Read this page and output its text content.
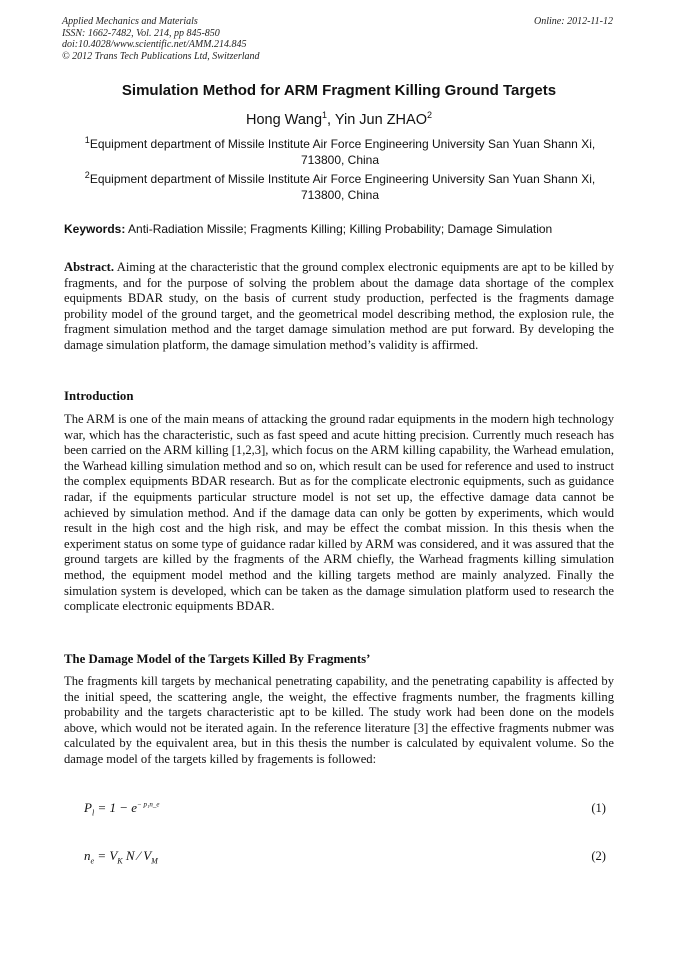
Applied Mechanics and Materials
ISSN: 1662-7482, Vol. 214, pp 845-850
doi:10.4028/www.scientific.net/AMM.214.845
© 2012 Trans Tech Publications Ltd, Switzerland
Online: 2012-11-12
Simulation Method for ARM Fragment Killing Ground Targets
Hong Wang$^1$, Yin Jun ZHAO$^2$
$^1$Equipment department of Missile Institute Air Force Engineering University San Yuan Shann Xi, 713800, China
$^2$Equipment department of Missile Institute Air Force Engineering University San Yuan Shann Xi, 713800, China
Keywords: Anti-Radiation Missile; Fragments Killing; Killing Probability; Damage Simulation
Abstract. Aiming at the characteristic that the ground complex electronic equipments are apt to be killed by fragments, and for the purpose of solving the problem about the damage data shortage of the complex equipments BDAR study, on the basis of current study production, perfected is the fragments damage probility model of the ground target, and the geometrical model describing method, the explosion rule, the fragment simulation method and the target damage simulation method are put forward. By developing the damage simulation platform, the damage simulation method’s validity is affirmed.
Introduction
The ARM is one of the main means of attacking the ground radar equipments in the modern high technology war, which has the characteristic, such as fast speed and acute hitting precision. Currently much reseach has been carried on the ARM killing [1,2,3], which focus on the ARM killing capability, the Warhead emulation, the Warhead killing simulation method and so on, which result can be used for reference and used to instruct the complex equipments BDAR research. But as for the complicate electronic equipments, such as guidance radar, if the equipments particular structure model is not set up, the effective damage data cannot be achieved by simulation method. And if the damage data can only be gotten by experiments, which would result in the high cost and the high risk, and may be effect the combat mission. In this thesis when the experiment status on some type of guidance radar killed by ARM was considered, and it was assured that the ground targets are killed by the fragments of the ARM chiefly, the Warhead fragments killing simulation method, the equipment model method and the killing targets method are mainly analyzed. Finally the simulation system is developed, which can be taken as the damage simulation platform used to research the complicate electronic equipments BDAR.
The Damage Model of the Targets Killed By Fragments’
The fragments kill targets by mechanical penetrating capability, and the penetrating capability is affected by the initial speed, the scattering angle, the weight, the effective fragments number, the fragments killing probability and the targets characteristic apt to be killed. The study work had been done on the models above, which would not be iterated again. In the reference literature [3] the effective fragments nubmer was calculated by the equivalent area, but in this thesis the number is calculated by equivalent volume. So the damage model of the targets killed by fragements is followed:
$P_l = 1 - e^{- p_1n\_e}$	(1)
$n_e = V_K$ N ⁄ $V_M$	(2)
